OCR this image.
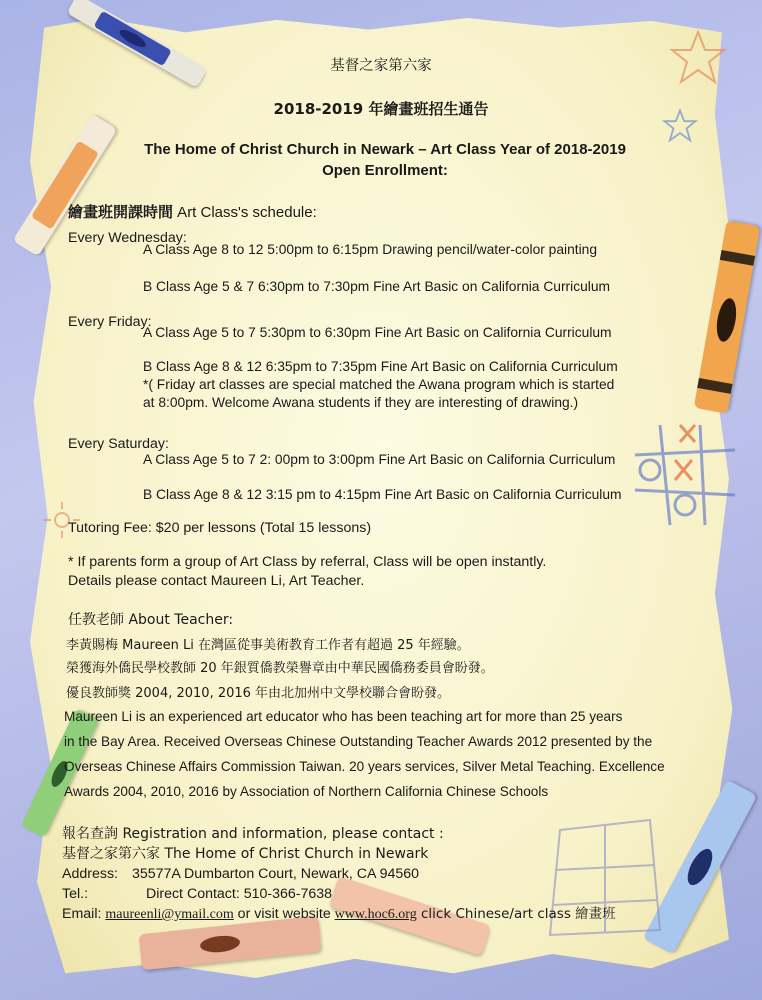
基督之家第六家
2018-2019 年繪畫班招生通告
The Home of Christ Church in Newark – Art Class Year of 2018-2019
Open Enrollment:
繪畫班開課時間 Art Class's schedule:
Every Wednesday:
A Class Age 8 to 12 5:00pm to 6:15pm Drawing pencil/water-color painting
B Class Age 5 & 7 6:30pm to 7:30pm Fine Art Basic on California Curriculum
Every Friday:
A Class Age 5 to 7 5:30pm to 6:30pm Fine Art Basic on California Curriculum
B Class Age 8 & 12 6:35pm to 7:35pm Fine Art Basic on California Curriculum
*( Friday art classes are special matched the Awana program which is started
at 8:00pm. Welcome Awana students if they are interesting of drawing.)
Every Saturday:
A Class Age 5 to 7 2: 00pm to 3:00pm Fine Art Basic on California Curriculum
B Class Age 8 & 12 3:15 pm to 4:15pm Fine Art Basic on California Curriculum
Tutoring Fee: $20 per lessons (Total 15 lessons)
* If parents form a group of Art Class by referral, Class will be open instantly.
Details please contact Maureen Li, Art Teacher.
任教老師 About Teacher:
李黃賜梅 Maureen Li 在灣區從事美術教育工作者有超過 25 年經驗。
榮獲海外僑民學校教師 20 年銀質僑教榮譽章由中華民國僑務委員會盼發。
優良教師獎 2004, 2010, 2016 年由北加州中文學校聯合會盼發。
Maureen Li is an experienced art educator who has been teaching art for more than 25 years
in the Bay Area. Received Overseas Chinese Outstanding Teacher Awards 2012 presented by the
Overseas Chinese Affairs Commission Taiwan. 20 years services, Silver Metal Teaching. Excellence
Awards 2004, 2010, 2016 by Association of Northern California Chinese Schools
報名查詢 Registration and information, please contact :
基督之家第六家 The Home of Christ Church in Newark
Address: 35577A Dumbarton Court, Newark, CA 94560
Tel.:	Direct Contact: 510-366-7638
Email: maureenli@ymail.com or visit website www.hoc6.org click Chinese/art class 繪畫班
